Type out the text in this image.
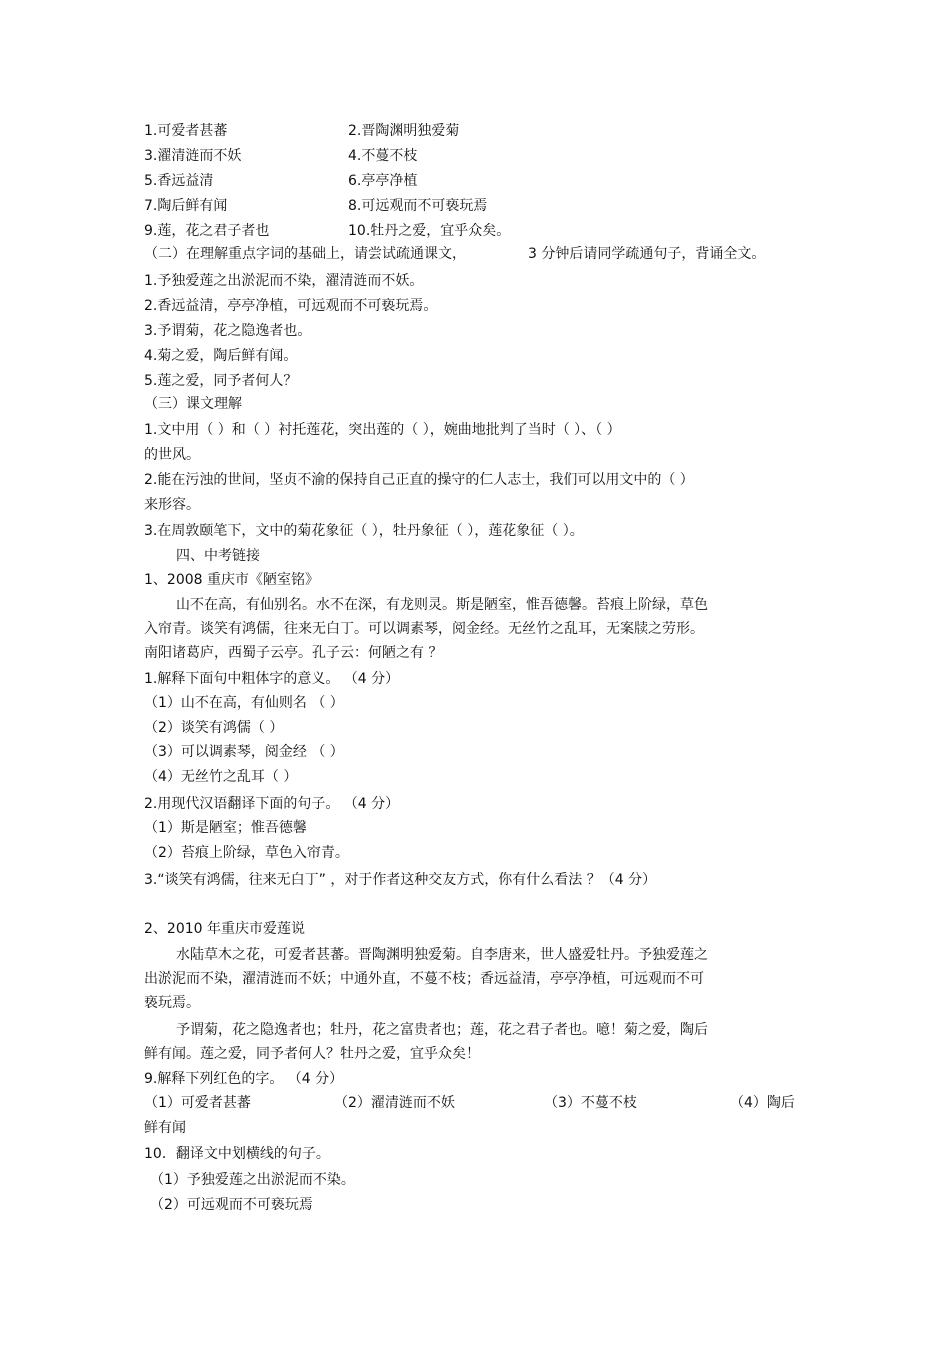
1.可爱者甚蕃	2.晋陶渊明独爱菊
3.濯清涟而不妖	4.不蔓不枝
5.香远益清	6.亭亭净植
7.陶后鲜有闻	8.可远观而不可亵玩焉
9.莲，花之君子者也	10.牡丹之爱，宜乎众矣。
（二）在理解重点字词的基础上，请尝试疏通课文，	3 分钟后请同学疏通句子，背诵全文。
1.予独爱莲之出淤泥而不染，濯清涟而不妖。
2.香远益清，亭亭净植，可远观而不可亵玩焉。
3.予谓菊，花之隐逸者也。
4.菊之爱，陶后鲜有闻。
5.莲之爱，同予者何人？
（三）课文理解
1.文中用（ ）和（ ）衬托莲花，突出莲的（ ），婉曲地批判了当时（ ）、（ ）
的世风。
2.能在污浊的世间，坚贞不渝的保持自己正直的操守的仁人志士，我们可以用文中的（ ）
来形容。
3.在周敦颐笔下，文中的菊花象征（ ），牡丹象征（ ），莲花象征（ ）。
四、中考链接
1、2008 重庆市《陋室铭》
山不在高，有仙别名。水不在深，有龙则灵。斯是陋室，惟吾德馨。苔痕上阶绿，草色
入帘青。谈笑有鸿儒，往来无白丁。可以调素琴，阅金经。无丝竹之乱耳，无案牍之劳形。
南阳诸葛庐，西蜀子云亭。孔子云：何陋之有 ？
1.解释下面句中粗体字的意义。 （4 分）
（1）山不在高，有仙则名 （ ）
（2）谈笑有鸿儒（ ）
（3）可以调素琴，阅金经 （ ）
（4）无丝竹之乱耳（ ）
2.用现代汉语翻译下面的句子。 （4 分）
（1）斯是陋室；惟吾德馨
（2）苔痕上阶绿，草色入帘青。
3.“谈笑有鸿儒，往来无白丁” ，对于作者这种交友方式，你有什么看法 ？（4 分）
2、2010 年重庆市爱莲说
水陆草木之花，可爱者甚蕃。晋陶渊明独爱菊。自李唐来，世人盛爱牡丹。予独爱莲之
出淤泥而不染，濯清涟而不妖；中通外直，不蔓不枝；香远益清，亭亭净植，可远观而不可
亵玩焉。
予谓菊，花之隐逸者也；牡丹，花之富贵者也；莲，花之君子者也。噫！菊之爱，陶后
鲜有闻。莲之爱，同予者何人？牡丹之爱，宜乎众矣！
9.解释下列红色的字。 （4 分）
（1）可爱者甚蕃	（2）濯清涟而不妖	（3）不蔓不枝	（4）陶后
鲜有闻
10．翻译文中划横线的句子。
（1）予独爱莲之出淤泥而不染。
（2）可远观而不可亵玩焉
